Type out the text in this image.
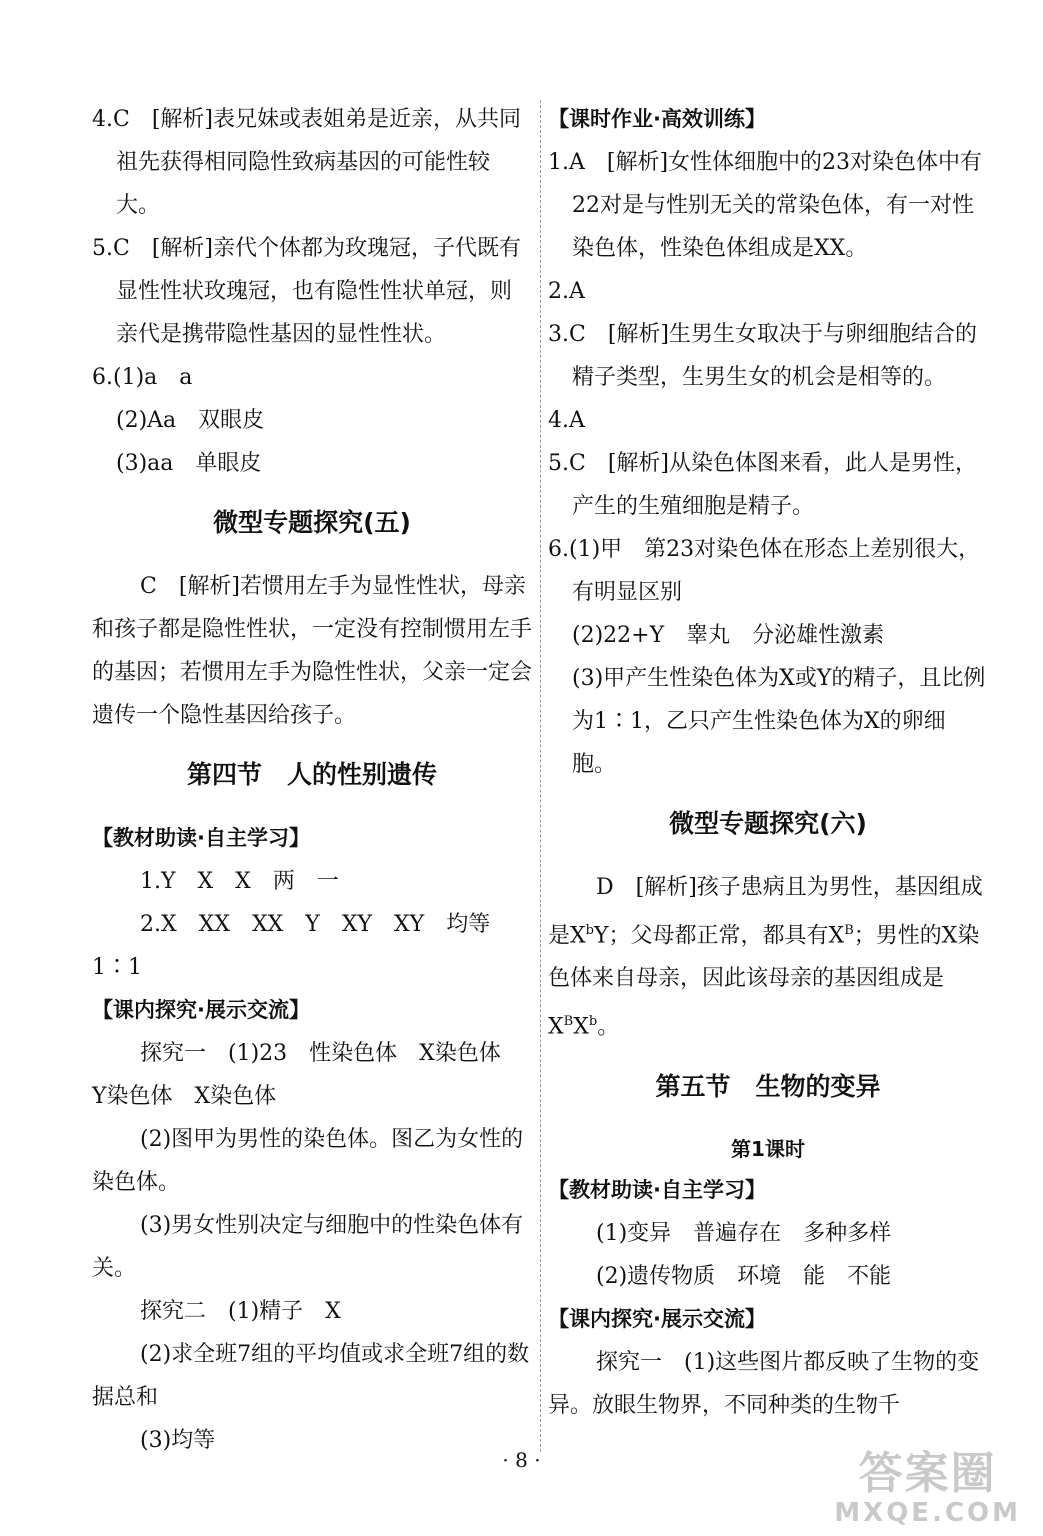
4.C　[解析]表兄妹或表姐弟是近亲，从共同祖先获得相同隐性致病基因的可能性较大。

5.C　[解析]亲代个体都为玫瑰冠，子代既有显性性状玫瑰冠，也有隐性性状单冠，则亲代是携带隐性基因的显性性状。

6.(1)a　a

(2)Aa　双眼皮

(3)aa　单眼皮

微型专题探究(五)

C　[解析]若惯用左手为显性性状，母亲和孩子都是隐性性状，一定没有控制惯用左手的基因；若惯用左手为隐性性状，父亲一定会遗传一个隐性基因给孩子。

第四节　人的性别遗传

【教材助读·自主学习】

1.Y　X　X　两　一

2.X　XX　XX　Y　XY　XY　均等　1∶1

【课内探究·展示交流】

探究一　(1)23　性染色体　X染色体　Y染色体　X染色体

(2)图甲为男性的染色体。图乙为女性的染色体。

(3)男女性别决定与细胞中的性染色体有关。

探究二　(1)精子　X

(2)求全班7组的平均值或求全班7组的数据总和

(3)均等

【课时作业·高效训练】

1.A　[解析]女性体细胞中的23对染色体中有22对是与性别无关的常染色体，有一对性染色体，性染色体组成是XX。

2.A

3.C　[解析]生男生女取决于与卵细胞结合的精子类型，生男生女的机会是相等的。

4.A

5.C　[解析]从染色体图来看，此人是男性，产生的生殖细胞是精子。

6.(1)甲　第23对染色体在形态上差别很大，有明显区别

(2)22+Y　睾丸　分泌雄性激素

(3)甲产生性染色体为X或Y的精子，且比例为1∶1，乙只产生性染色体为X的卵细胞。

微型专题探究(六)

D　[解析]孩子患病且为男性，基因组成是$X^bY$；父母都正常，都具有$X^B$；男性的X染色体来自母亲，因此该母亲的基因组成是$X^BX^b$。

第五节　生物的变异
第1课时

【教材助读·自主学习】

(1)变异　普遍存在　多种多样

(2)遗传物质　环境　能　不能

【课内探究·展示交流】

探究一　(1)这些图片都反映了生物的变异。放眼生物界，不同种类的生物千

· 8 ·	答案圈
MXQE.COM
